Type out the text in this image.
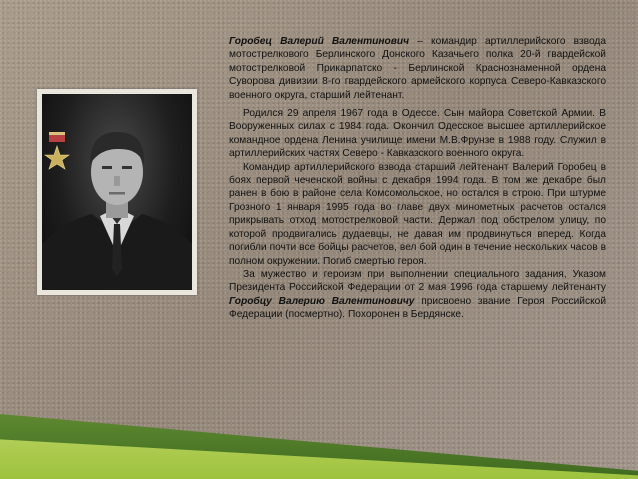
Горобец Валерий Валентинович – командир артиллерийского взвода мотострелкового Берлинского Донского Казачьего полка 20-й гвардейской мотострелковой Прикарпатско - Берлинской Краснознаменной ордена Суворова дивизии 8-го гвардейского армейского корпуса Северо-Кавказского военного округа, старший лейтенант.

Родился 29 апреля 1967 года в Одессе. Сын майора Советской Армии. В Вооруженных силах с 1984 года. Окончил Одесское высшее артиллерийское командное ордена Ленина училище имени М.В.Фрунзе в 1988 году. Служил в артиллерийских частях Северо - Кавказского военного округа.

Командир артиллерийского взвода старший лейтенант Валерий Горобец в боях первой чеченской войны с декабря 1994 года. В том же декабре был ранен в бою в районе села Комсомольское, но остался в строю. При штурме Грозного 1 января 1995 года во главе двух минометных расчетов остался прикрывать отход мотострелковой части. Держал под обстрелом улицу, по которой продвигались дудаевцы, не давая им продвинуться вперед. Когда погибли почти все бойцы расчетов, вел бой один в течение нескольких часов в полном окружении. Погиб смертью героя.

За мужество и героизм при выполнении специального задания, Указом Президента Российской Федерации от 2 мая 1996 года старшему лейтенанту Горобцу Валерию Валентиновичу присвоено звание Героя Российской Федерации (посмертно). Похоронен в Бердянске.
